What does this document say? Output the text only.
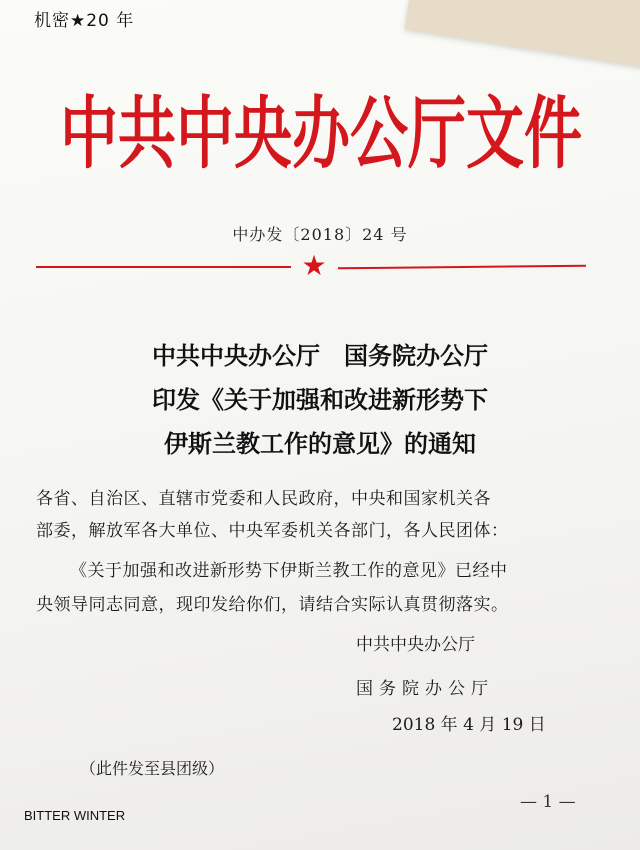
机密★20 年
中共中央办公厅文件
中办发〔2018〕24 号
★
中共中央办公厅　国务院办公厅
印发《关于加强和改进新形势下
伊斯兰教工作的意见》的通知
各省、自治区、直辖市党委和人民政府，中央和国家机关各
部委，解放军各大单位、中央军委机关各部门，各人民团体：
《关于加强和改进新形势下伊斯兰教工作的意见》已经中
央领导同志同意，现印发给你们，请结合实际认真贯彻落实。
中共中央办公厅
国务院办公厅
2018 年 4 月 19 日
（此件发至县团级）
— 1 —
BITTER WINTER
